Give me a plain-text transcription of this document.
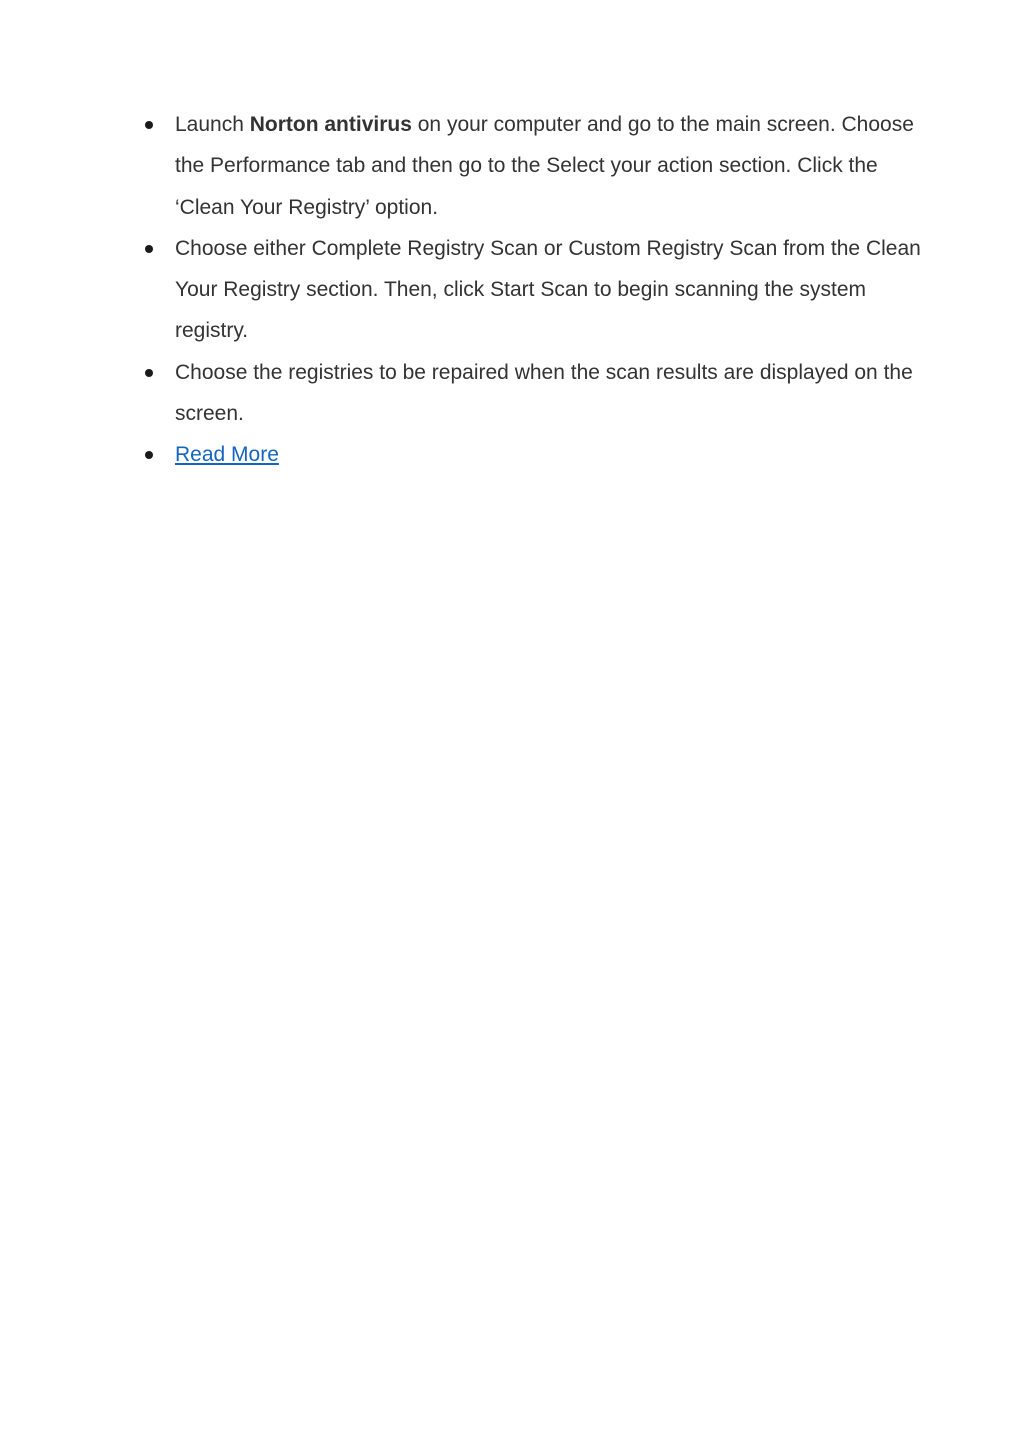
Launch Norton antivirus on your computer and go to the main screen. Choose the Performance tab and then go to the Select your action section. Click the ‘Clean Your Registry’ option.
Choose either Complete Registry Scan or Custom Registry Scan from the Clean Your Registry section. Then, click Start Scan to begin scanning the system registry.
Choose the registries to be repaired when the scan results are displayed on the screen.
Read More
